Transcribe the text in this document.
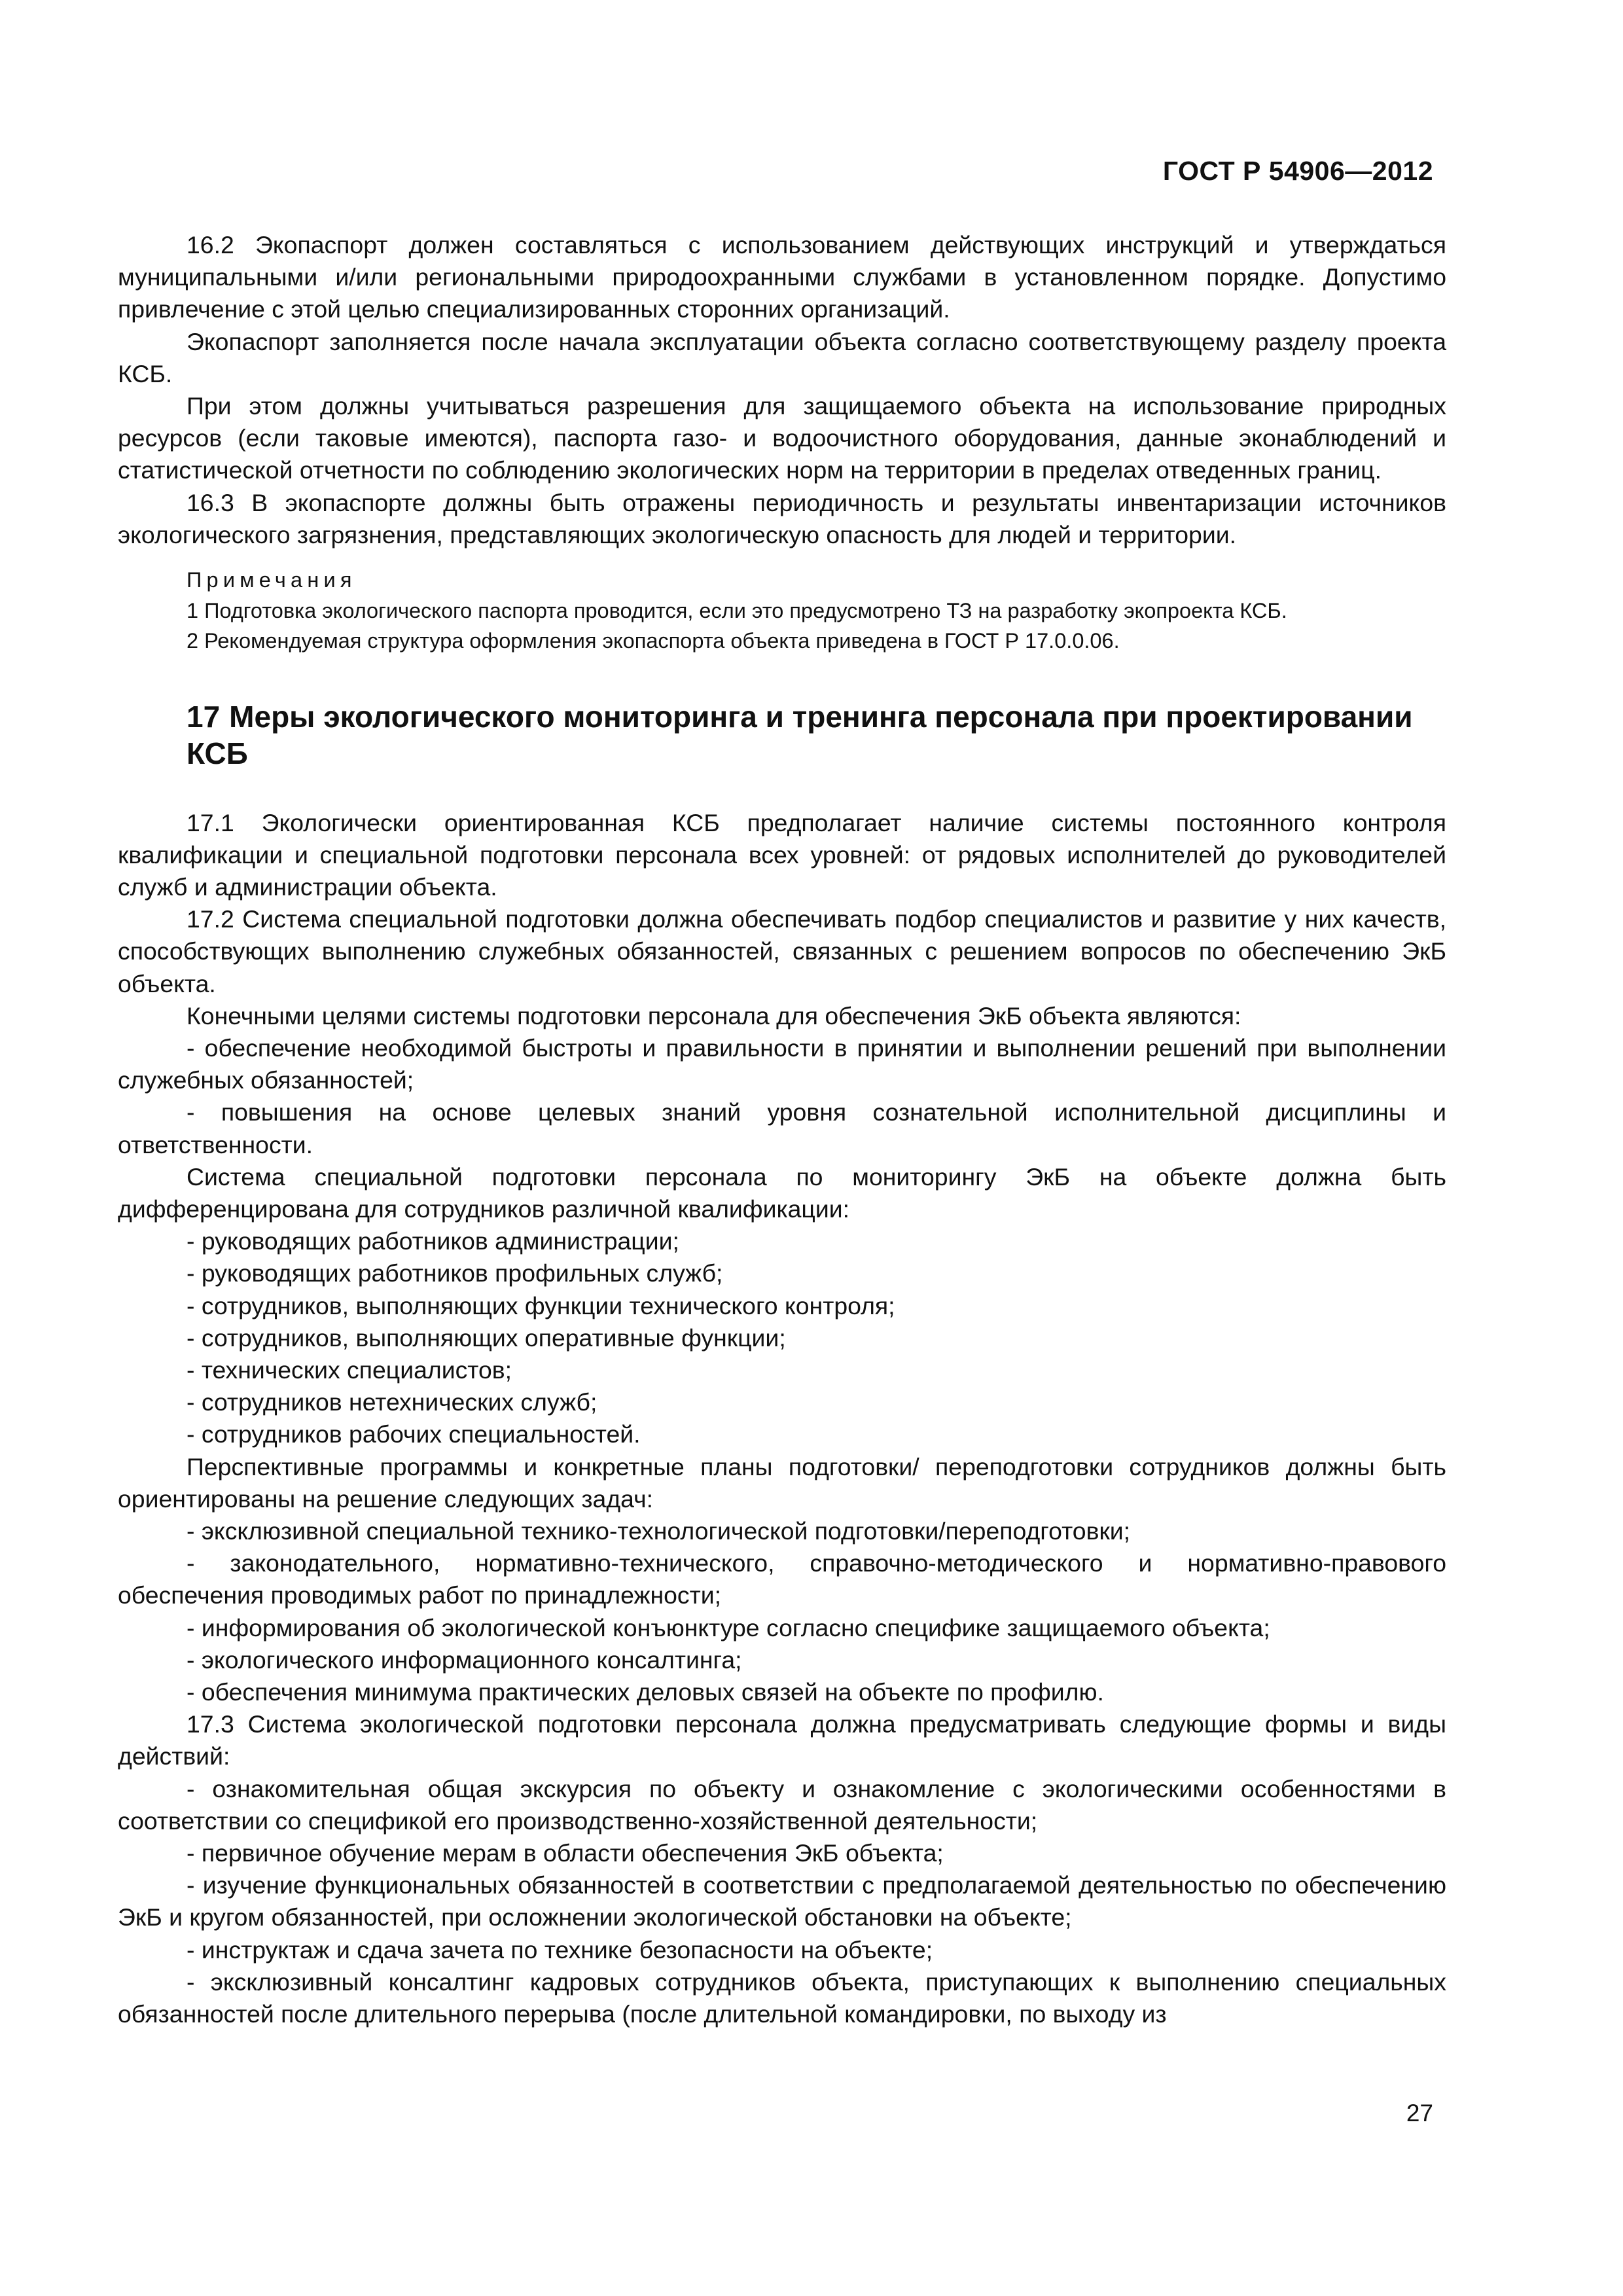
ГОСТ Р 54906—2012

16.2 Экопаспорт должен составляться с использованием действующих инструкций и утверждаться муниципальными и/или региональными природоохранными службами в установленном порядке. Допустимо привлечение с этой целью специализированных сторонних организаций.

Экопаспорт заполняется после начала эксплуатации объекта согласно соответствующему разделу проекта КСБ.

При этом должны учитываться разрешения для защищаемого объекта на использование природных ресурсов (если таковые имеются), паспорта газо- и водоочистного оборудования, данные эконаблюдений и статистической отчетности по соблюдению экологических норм на территории в пределах отведенных границ.

16.3 В экопаспорте должны быть отражены периодичность и результаты инвентаризации источников экологического загрязнения, представляющих экологическую опасность для людей и территории.

Примечания

1 Подготовка экологического паспорта проводится, если это предусмотрено ТЗ на разработку экопроекта КСБ.

2 Рекомендуемая структура оформления экопаспорта объекта приведена в ГОСТ Р 17.0.0.06.

17 Меры экологического мониторинга и тренинга персонала при проектировании КСБ

17.1 Экологически ориентированная КСБ предполагает наличие системы постоянного контроля квалификации и специальной подготовки персонала всех уровней: от рядовых исполнителей до руководителей служб и администрации объекта.

17.2 Система специальной подготовки должна обеспечивать подбор специалистов и развитие у них качеств, способствующих выполнению служебных обязанностей, связанных с решением вопросов по обеспечению ЭкБ объекта.

Конечными целями системы подготовки персонала для обеспечения ЭкБ объекта являются:

- обеспечение необходимой быстроты и правильности в принятии и выполнении решений при выполнении служебных обязанностей;

- повышения на основе целевых знаний уровня сознательной исполнительной дисциплины и ответственности.

Система специальной подготовки персонала по мониторингу ЭкБ на объекте должна быть дифференцирована для сотрудников различной квалификации:

- руководящих работников администрации;

- руководящих работников профильных служб;

- сотрудников, выполняющих функции технического контроля;

- сотрудников, выполняющих оперативные функции;

- технических специалистов;

- сотрудников нетехнических служб;

- сотрудников рабочих специальностей.

Перспективные программы и конкретные планы подготовки/ переподготовки сотрудников должны быть ориентированы на решение следующих задач:

- эксклюзивной специальной технико-технологической подготовки/переподготовки;

- законодательного, нормативно-технического, справочно-методического и нормативно-правового обеспечения проводимых работ по принадлежности;

- информирования об экологической конъюнктуре согласно специфике защищаемого объекта;

- экологического информационного консалтинга;

- обеспечения минимума практических деловых связей на объекте по профилю.

17.3 Система экологической подготовки персонала должна предусматривать следующие формы и виды действий:

- ознакомительная общая экскурсия по объекту и ознакомление с экологическими особенностями в соответствии со спецификой его производственно-хозяйственной деятельности;

- первичное обучение мерам в области обеспечения ЭкБ объекта;

- изучение функциональных обязанностей в соответствии с предполагаемой деятельностью по обеспечению ЭкБ и кругом обязанностей, при осложнении экологической обстановки на объекте;

- инструктаж и сдача зачета по технике безопасности на объекте;

- эксклюзивный консалтинг кадровых сотрудников объекта, приступающих к выполнению специальных обязанностей после длительного перерыва (после длительной командировки, по выходу из

27
